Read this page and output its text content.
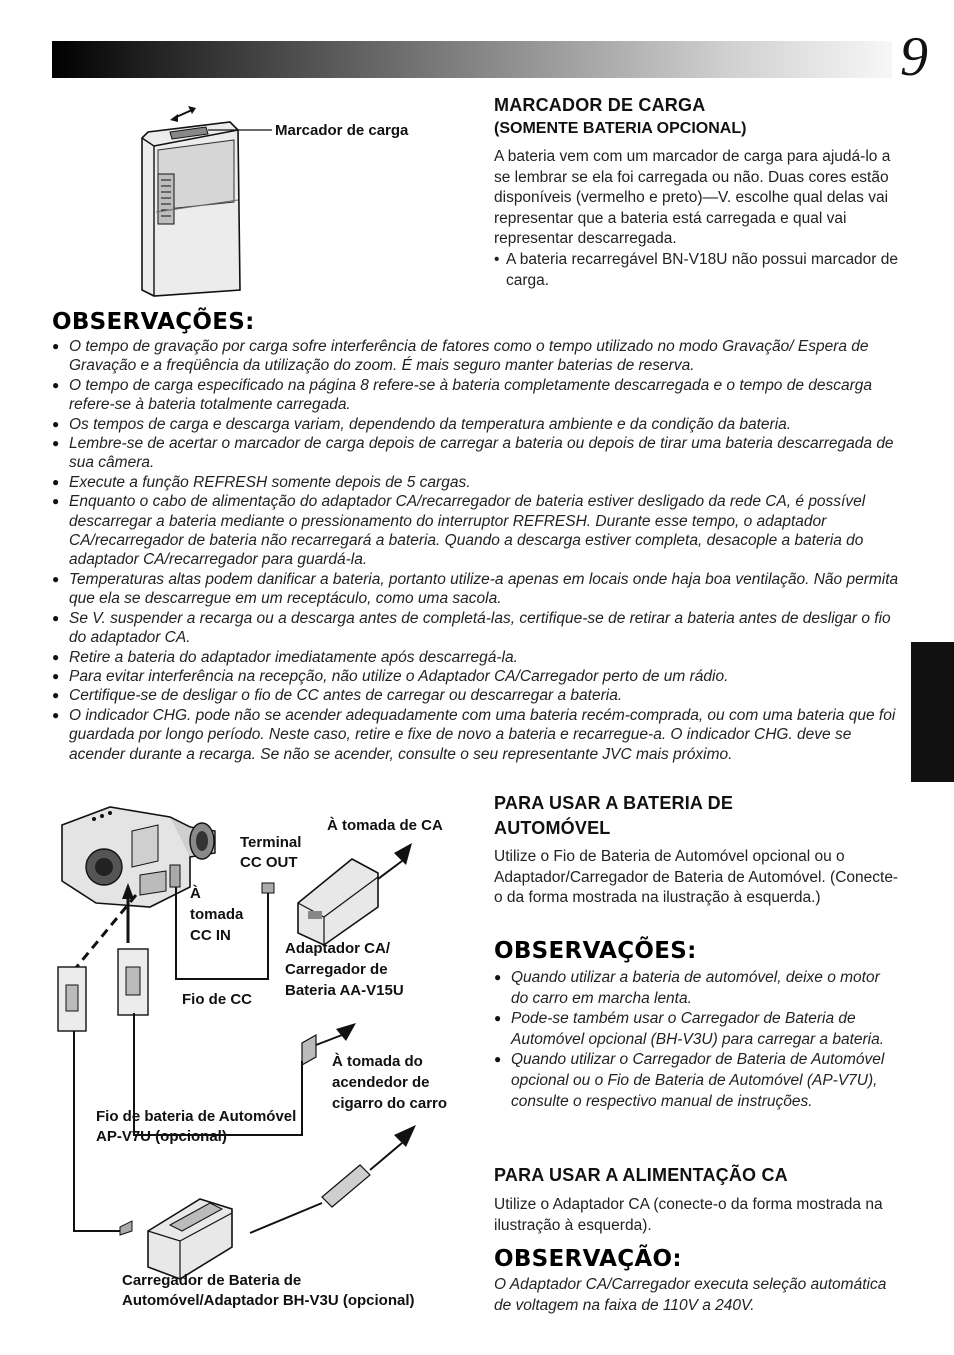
9
Marcador de carga
MARCADOR DE CARGA
(SOMENTE BATERIA OPCIONAL)
A bateria vem com um marcador de carga para ajudá-lo a se lembrar se ela foi carregada ou não. Duas cores estão disponíveis (vermelho e preto)—V. escolhe qual delas vai representar que a bateria está carregada e qual vai representar descarregada.
• A bateria recarregável BN-V18U não possui marcador de carga.
OBSERVAÇÕES:
● O tempo de gravação por carga sofre interferência de fatores como o tempo utilizado no modo Gravação/ Espera de Gravação e a freqüência da utilização do zoom. É mais seguro manter baterias de reserva.
● O tempo de carga especificado na página 8 refere-se à bateria completamente descarregada e o tempo de descarga refere-se à bateria totalmente carregada.
● Os tempos de carga e descarga variam, dependendo da temperatura ambiente e da condição da bateria.
● Lembre-se de acertar o marcador de carga depois de carregar a bateria ou depois de tirar uma bateria descarregada de sua câmera.
● Execute a função REFRESH somente depois de 5 cargas.
● Enquanto o cabo de alimentação do adaptador CA/recarregador de bateria estiver desligado da rede CA, é possível descarregar a bateria mediante o pressionamento do interruptor REFRESH. Durante esse tempo, o adaptador CA/recarregador de bateria não recarregará a bateria. Quando a descarga estiver completa, desacople a bateria do adaptador CA/recarregador para guardá-la.
● Temperaturas altas podem danificar a bateria, portanto utilize-a apenas em locais onde haja boa ventilação. Não permita que ela se descarregue em um receptáculo, como uma sacola.
● Se V. suspender a recarga ou a descarga antes de completá-las, certifique-se de retirar a bateria antes de desligar o fio do adaptador CA.
● Retire a bateria do adaptador imediatamente após descarregá-la.
● Para evitar interferência na recepção, não utilize o Adaptador CA/Carregador perto de um rádio.
● Certifique-se de desligar o fio de CC antes de carregar ou descarregar a bateria.
● O indicador CHG. pode não se acender adequadamente com uma bateria recém-comprada, ou com uma bateria que foi guardada por longo período. Neste caso, retire e fixe de novo a bateria e recarregue-a. O indicador CHG. deve se acender durante a recarga. Se não se acender, consulte o seu representante JVC mais próximo.
À tomada de CA
Terminal
CC OUT
À
tomada
CC IN
Adaptador CA/
Carregador de
Bateria AA-V15U
Fio de CC
À tomada do
acendedor de
cigarro do carro
Fio de bateria de Automóvel
AP-V7U (opcional)
Carregador de Bateria de
Automóvel/Adaptador BH-V3U (opcional)
PARA USAR A BATERIA DE
AUTOMÓVEL
Utilize o Fio de Bateria de Automóvel opcional ou o Adaptador/Carregador de Bateria de Automóvel. (Conecte-o da forma mostrada na ilustração à esquerda.)
OBSERVAÇÕES:
● Quando utilizar a bateria de automóvel, deixe o motor do carro em marcha lenta.
● Pode-se também usar o Carregador de Bateria de Automóvel opcional (BH-V3U) para carregar a bateria.
● Quando utilizar o Carregador de Bateria de Automóvel opcional ou o Fio de Bateria de Automóvel (AP-V7U), consulte o respectivo manual de instruções.
PARA USAR A ALIMENTAÇÃO CA
Utilize o Adaptador CA (conecte-o da forma mostrada na ilustração à esquerda).
OBSERVAÇÃO:
O Adaptador CA/Carregador executa seleção automática de voltagem na faixa de 110V a 240V.
